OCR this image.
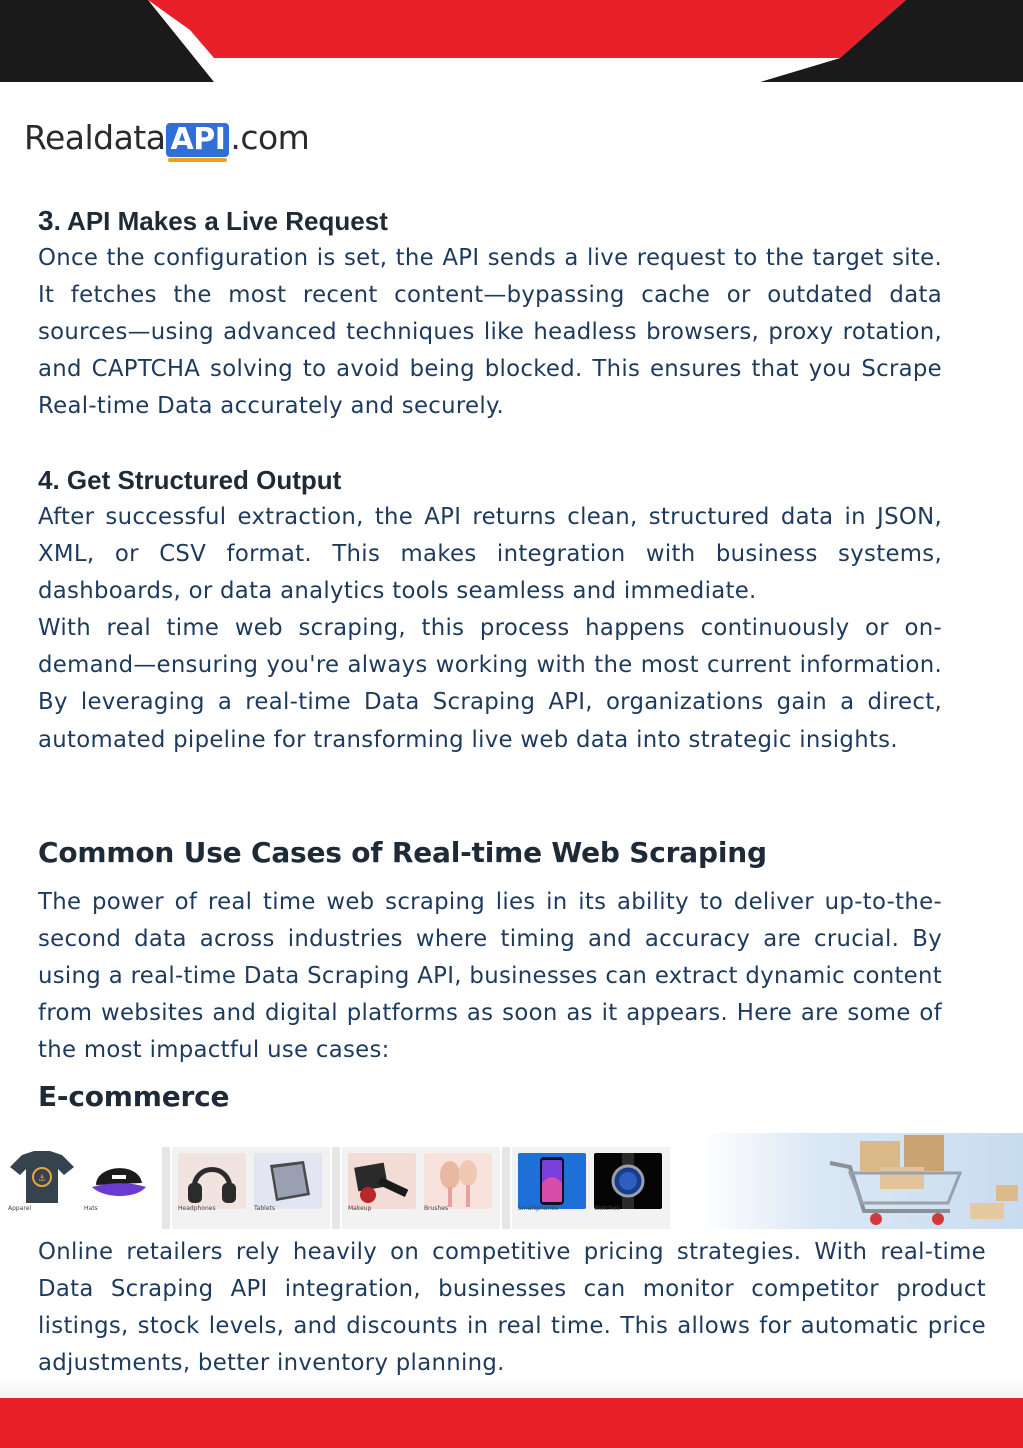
Realdata API .com
3. API Makes a Live Request

Once the configuration is set, the API sends a live request to the target site. It fetches the most recent content—bypassing cache or outdated data sources—using advanced techniques like headless browsers, proxy rotation, and CAPTCHA solving to avoid being blocked. This ensures that you Scrape Real-time Data accurately and securely.

4. Get Structured Output

After successful extraction, the API returns clean, structured data in JSON, XML, or CSV format. This makes integration with business systems, dashboards, or data analytics tools seamless and immediate.

With real time web scraping, this process happens continuously or on-demand—ensuring you're always working with the most current information. By leveraging a real-time Data Scraping API, organizations gain a direct, automated pipeline for transforming live web data into strategic insights.

Common Use Cases of Real-time Web Scraping

The power of real time web scraping lies in its ability to deliver up-to-the-second data across industries where timing and accuracy are crucial. By using a real-time Data Scraping API, businesses can extract dynamic content from websites and digital platforms as soon as it appears. Here are some of the most impactful use cases:

E-commerce
⚓
Apparel	Hats	Headphones	Tablets	Makeup	Brushes	Smartphones	Watches

Online retailers rely heavily on competitive pricing strategies. With real-time Data Scraping API integration, businesses can monitor competitor product listings, stock levels, and discounts in real time. This allows for automatic price adjustments, better inventory planning.
